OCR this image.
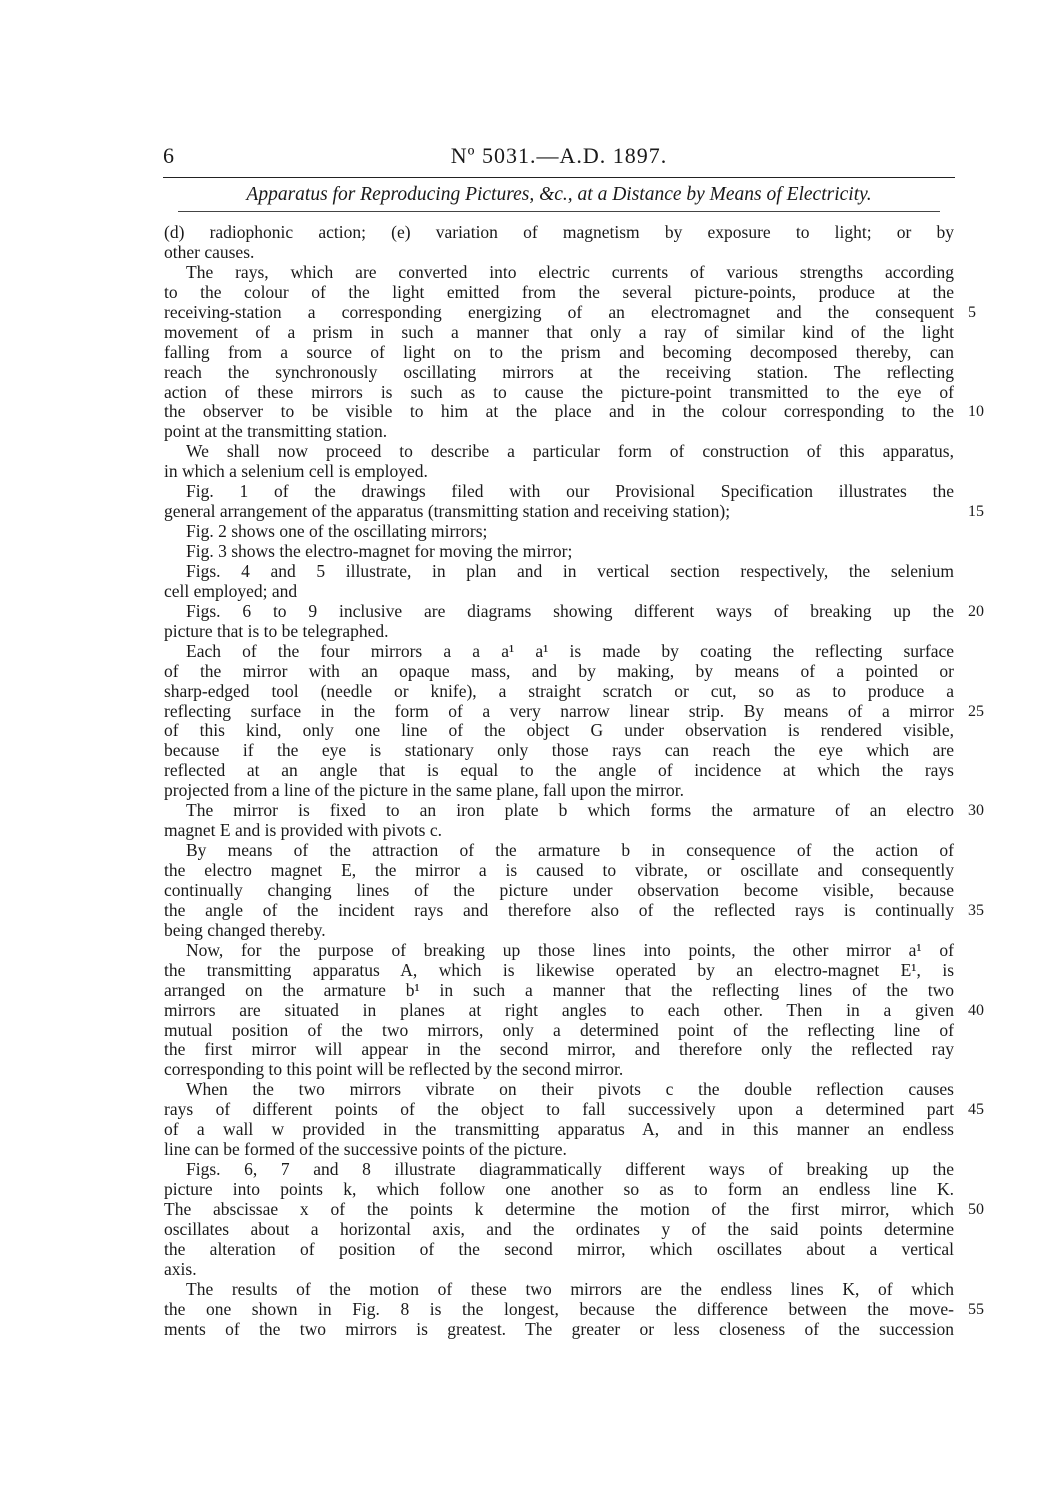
6	Nº 5031.—A.D. 1897.
Apparatus for Reproducing Pictures, &c., at a Distance by Means of Electricity.
(d) radiophonic action; (e) variation of magnetism by exposure to light; or by
other causes.
The rays, which are converted into electric currents of various strengths according
to the colour of the light emitted from the several picture-points, produce at the
receiving-station a corresponding energizing of an electromagnet and the consequent 5
movement of a prism in such a manner that only a ray of similar kind of the light
falling from a source of light on to the prism and becoming decomposed thereby, can
reach the synchronously oscillating mirrors at the receiving station. The reflecting
action of these mirrors is such as to cause the picture-point transmitted to the eye of
the observer to be visible to him at the place and in the colour corresponding to the 10
point at the transmitting station.
We shall now proceed to describe a particular form of construction of this apparatus,
in which a selenium cell is employed.
Fig. 1 of the drawings filed with our Provisional Specification illustrates the
general arrangement of the apparatus (transmitting station and receiving station);	15
Fig. 2 shows one of the oscillating mirrors;
Fig. 3 shows the electro-magnet for moving the mirror;
Figs. 4 and 5 illustrate, in plan and in vertical section respectively, the selenium
cell employed; and
Figs. 6 to 9 inclusive are diagrams showing different ways of breaking up the 20
picture that is to be telegraphed.
Each of the four mirrors a a a¹ a¹ is made by coating the reflecting surface
of the mirror with an opaque mass, and by making, by means of a pointed or
sharp-edged tool (needle or knife), a straight scratch or cut, so as to produce a
reflecting surface in the form of a very narrow linear strip. By means of a mirror 25
of this kind, only one line of the object G under observation is rendered visible,
because if the eye is stationary only those rays can reach the eye which are
reflected at an angle that is equal to the angle of incidence at which the rays
projected from a line of the picture in the same plane, fall upon the mirror.
The mirror is fixed to an iron plate b which forms the armature of an electro 30
magnet E and is provided with pivots c.
By means of the attraction of the armature b in consequence of the action of
the electro magnet E, the mirror a is caused to vibrate, or oscillate and consequently
continually changing lines of the picture under observation become visible, because
the angle of the incident rays and therefore also of the reflected rays is continually 35
being changed thereby.
Now, for the purpose of breaking up those lines into points, the other mirror a¹ of
the transmitting apparatus A, which is likewise operated by an electro-magnet E¹, is
arranged on the armature b¹ in such a manner that the reflecting lines of the two
mirrors are situated in planes at right angles to each other. Then in a given 40
mutual position of the two mirrors, only a determined point of the reflecting line of
the first mirror will appear in the second mirror, and therefore only the reflected ray
corresponding to this point will be reflected by the second mirror.
When the two mirrors vibrate on their pivots c the double reflection causes
rays of different points of the object to fall successively upon a determined part 45
of a wall w provided in the transmitting apparatus A, and in this manner an endless
line can be formed of the successive points of the picture.
Figs. 6, 7 and 8 illustrate diagrammatically different ways of breaking up the
picture into points k, which follow one another so as to form an endless line K.
The abscissae x of the points k determine the motion of the first mirror, which 50
oscillates about a horizontal axis, and the ordinates y of the said points determine
the alteration of position of the second mirror, which oscillates about a vertical
axis.
The results of the motion of these two mirrors are the endless lines K, of which
the one shown in Fig. 8 is the longest, because the difference between the move- 55
ments of the two mirrors is greatest. The greater or less closeness of the succession
